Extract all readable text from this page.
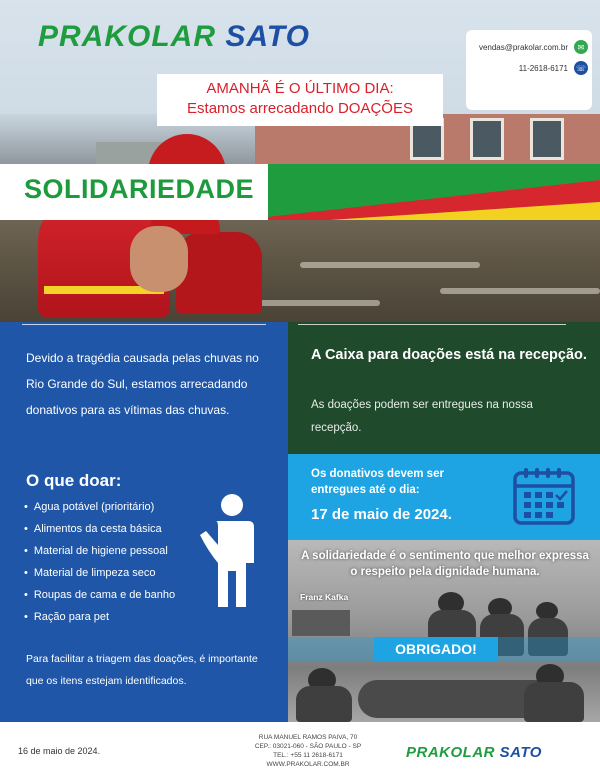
PRAKOLAR SATO	vendas@prakolar.com.br	✉
11-2618-6171 ☏
AMANHÃ É O ÚLTIMO DIA:
Estamos arrecadando DOAÇÕES
SOLIDARIEDADE
Devido a tragédia causada pelas chuvas no Rio Grande do Sul, estamos arrecadando donativos para as vítimas das chuvas.
O que doar:
• Agua potável (prioritário)
• Alimentos da cesta básica
• Material de higiene pessoal
• Material de limpeza seco
• Roupas de cama e de banho
• Ração para pet
Para facilitar a triagem das doações, é importante que os itens estejam identificados.
A Caixa para doações está na recepção.
As doações podem ser entregues na nossa recepção.
Os donativos devem ser entregues até o dia:
17 de maio de 2024.
A solidariedade é o sentimento que melhor expressa o respeito pela dignidade humana.
Franz Kafka
OBRIGADO!
16 de maio de 2024.
RUA MANUEL RAMOS PAIVA, 70
CEP.: 03021-060 - SÃO PAULO - SP
TEL.: +55 11 2618-6171
WWW.PRAKOLAR.COM.BR
PRAKOLAR SATO
